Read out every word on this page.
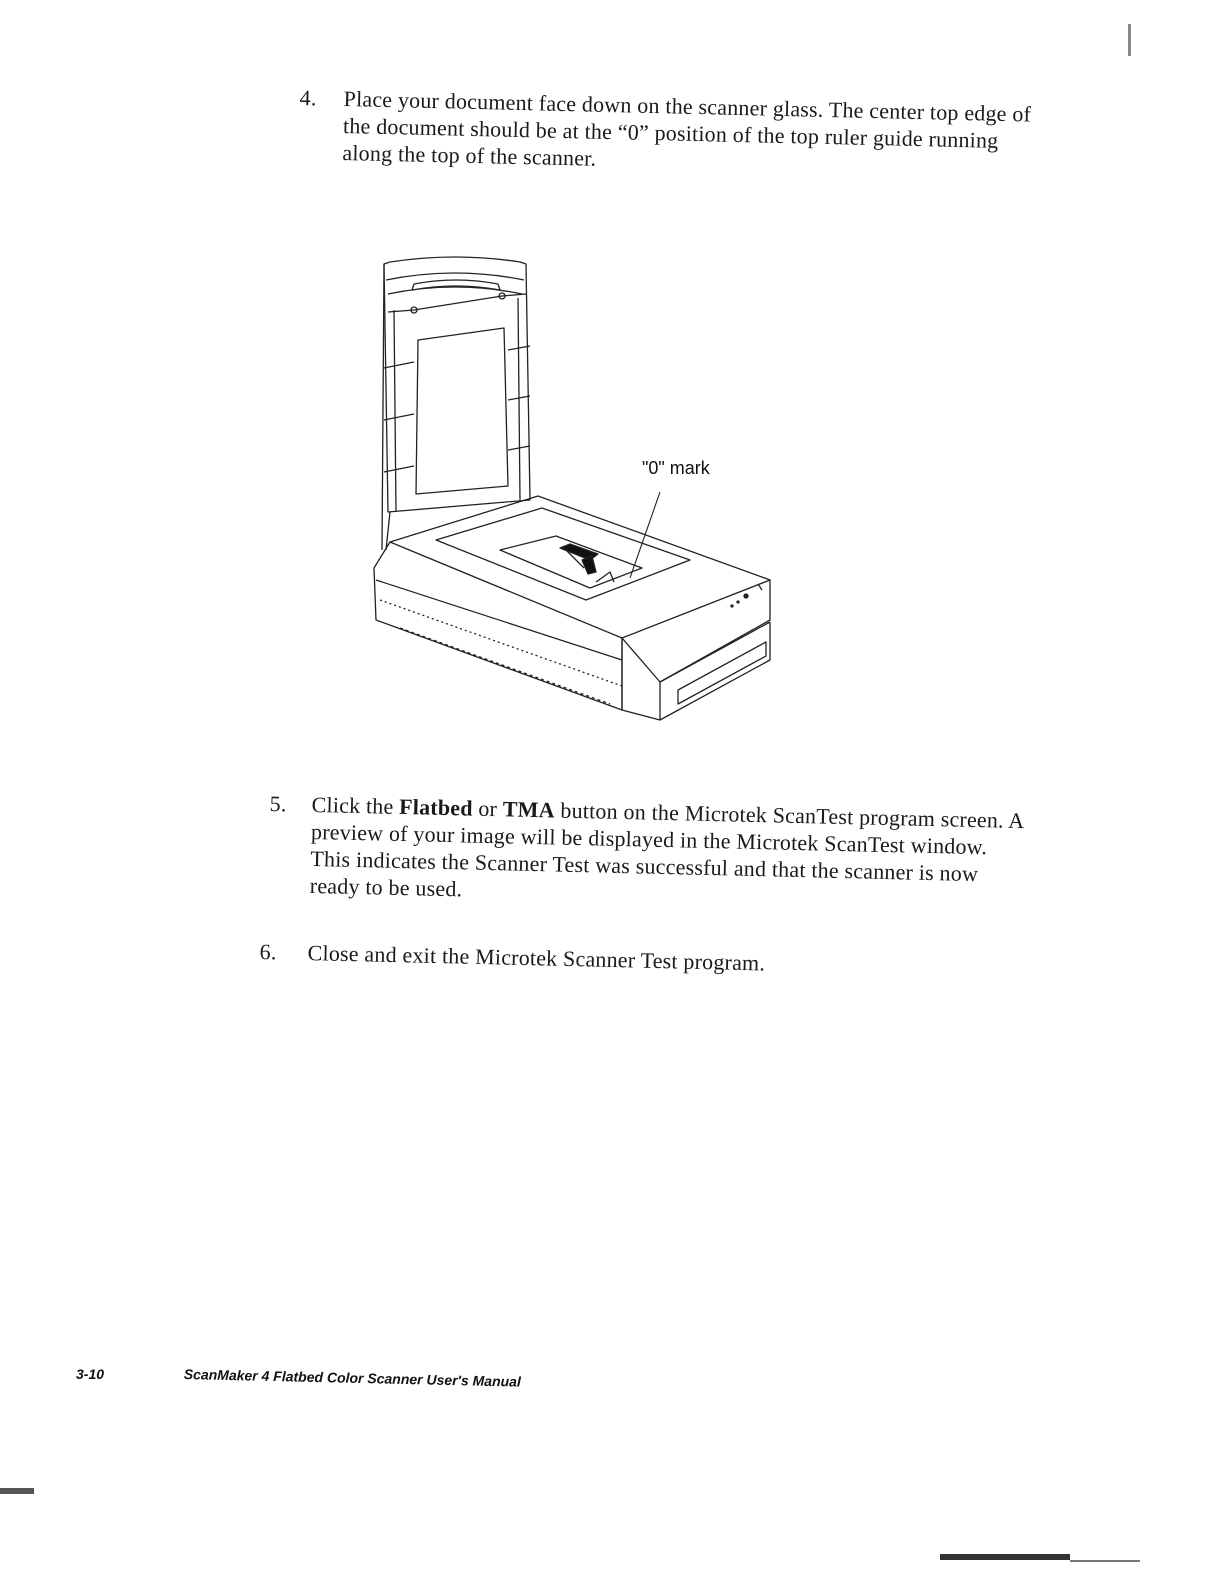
4. Place your document face down on the scanner glass. The center top edge of the document should be at the “0” position of the top ruler guide running along the top of the scanner.
"0" mark
5. Click the Flatbed or TMA button on the Microtek ScanTest program screen. A preview of your image will be displayed in the Microtek ScanTest window. This indicates the Scanner Test was successful and that the scanner is now ready to be used.
6. Close and exit the Microtek Scanner Test program.
3-10	ScanMaker 4 Flatbed Color Scanner User's Manual
